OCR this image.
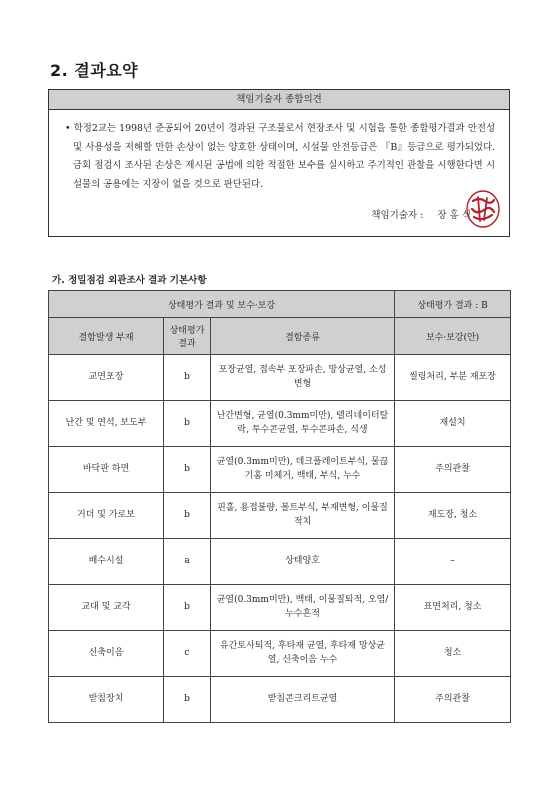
2. 결과요약
책임기술자 종합의견
• 학정2교는 1998년 준공되어 20년이 경과된 구조물로서 현장조사 및 시험을 통한 종합평가결과 안전성 및 사용성을 저해할 만한 손상이 없는 양호한 상태이며, 시설물 안전등급은 『B』등급으로 평가되었다. 금회 점검시 조사된 손상은 제시된 공법에 의한 적절한 보수를 실시하고 주기적인 관찰을 시행한다면 시설물의 공용에는 지장이 없을 것으로 판단된다.
책임기술자 : 장 홍 식
가. 정밀점검 외관조사 결과 기본사항
상태평가 결과 및 보수·보강			상태평가 결과 : B
결함발생 부재	상태평가 결과	결함종류	보수·보강(안)
교면포장	b	포장균열, 접속부 포장파손, 망상균열, 소성변형	씰링처리, 부분 재포장
난간 및 연석, 보도부	b	난간변형, 균열(0.3mm미만), 텔리네이터탈락, 투수콘균열, 투수콘파손, 식생	재설치
바닥판 하면	b	균열(0.3mm미만), 데크플레이트부식, 물끊기홈 미체거, 백태, 부식, 누수	주의관찰
거더 및 가로보	b	핀홀, 용접불량, 볼트부식, 부재변형, 이물질적치	재도장, 청소
배수시설	a	상태양호	–
교대 및 교각	b	균열(0.3mm미만), 백태, 이물질퇴적, 오염/누수흔적	표면처리, 청소
신축이음	c	유간토사퇴적, 후타재 균열, 후타재 망상균열, 신축이음 누수	청소
받침장치	b	받침콘크리트균열	주의관찰
